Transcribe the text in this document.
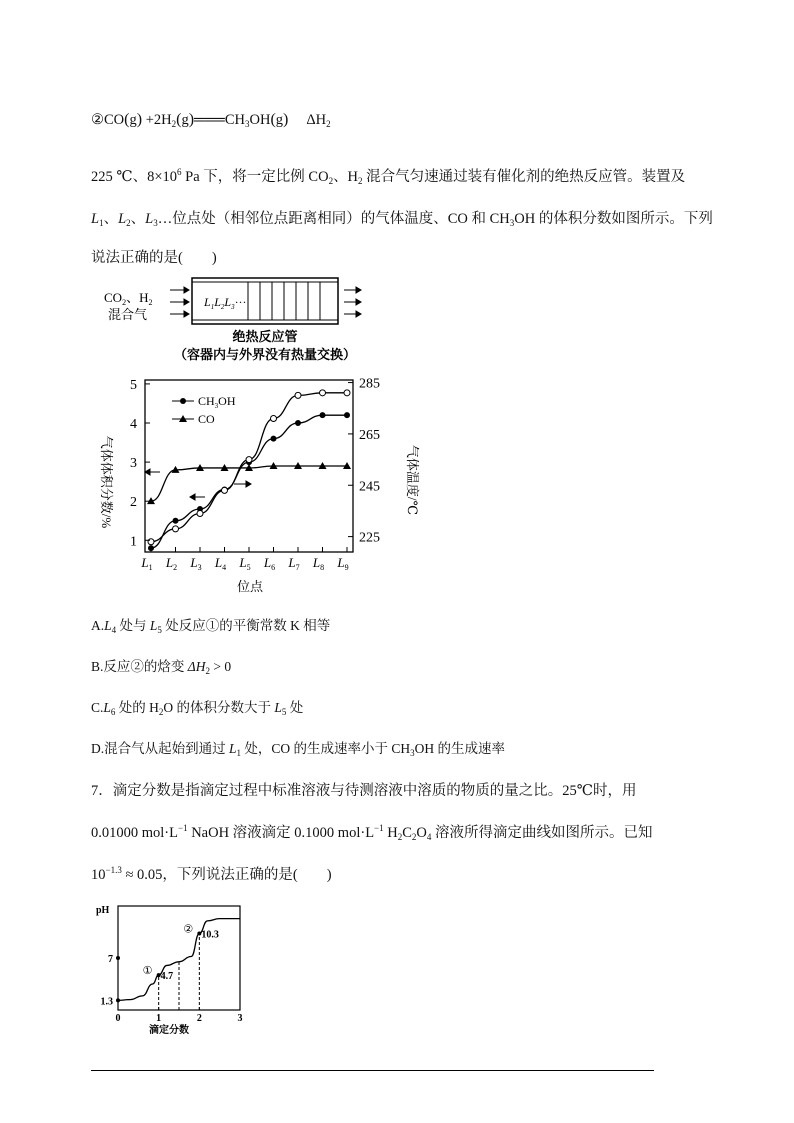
②CO(g) $+2H_2(g)═══CH_3OH(g)$ $\Delta H_2$
225 ℃、$8\times 10^6$ Pa 下，将一定比例 $CO_2$、$H_2$ 混合气匀速通过装有催化剂的绝热反应管。装置及
$L_1$、$L_2$、$L_3\dots$位点处（相邻位点距离相同）的气体温度、CO 和 $CH_3OH$ 的体积分数如图所示。下列
说法正确的是(　　)
$CO_2$、$H_2$
混合气
$L_1L_2L_3\cdot\cdot\cdot$
绝热反应管
（容器内与外界没有热量交换）
1
2
3
4
5
225
245
265
285
$L_1$ $L_2$ $L_3$ $L_4$ $L_5$ $L_6$ $L_7$ $L_8$ $L_9$
气体体积分数/%	气体温度/℃
位点
$CH_3OH$
CO
$A.L_4$ 处与 $L_5$ 处反应①的平衡常数 K 相等
B.反应②的焓变 $\Delta H_2 > 0$
$C.L_6$ 处的 $H_2O$ 的体积分数大于 $L_5$ 处
D.混合气从起始到通过 $L_1$ 处，CO 的生成速率小于 $CH_3OH$ 的生成速率
7．滴定分数是指滴定过程中标准溶液与待测溶液中溶质的物质的量之比。25℃时，用
0.01000 $mol\cdot L^{-1}$ NaOH 溶液滴定 0.1000 $mol\cdot L^{-1}$ $H_2C_2O_4$ 溶液所得滴定曲线如图所示。已知
$10^{-1.3} \approx 0.05$，下列说法正确的是(　　)
pH
1.3
7
0	1	2	3
滴定分数
① 4.7
② 10.3
